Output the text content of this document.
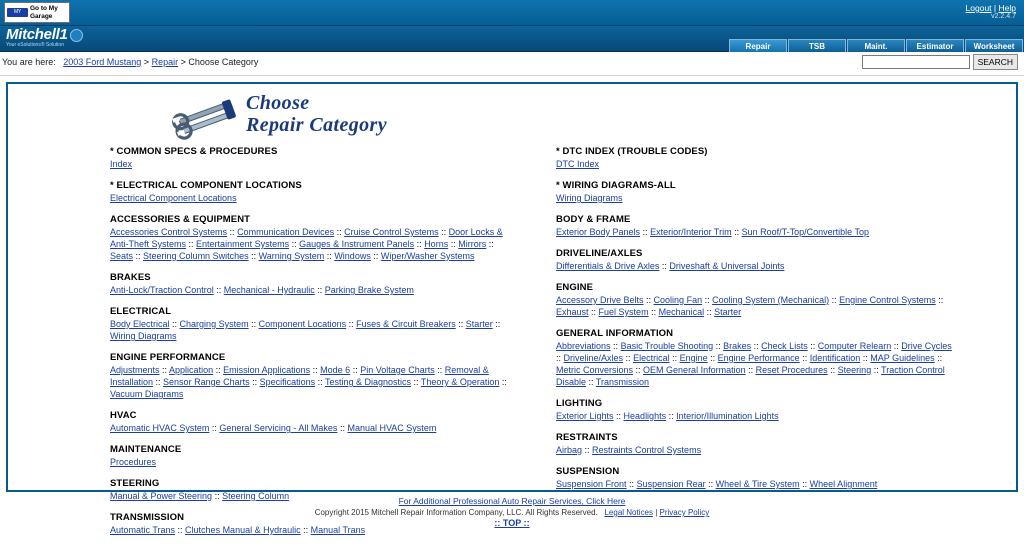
MY CARS
Go to My Garage
Logout | Help
v2.2.4.7
Mitchell1
Your eSolutions® Solution	Repair	TSB	Maint.	Estimator	Worksheet
You are here: 2003 Ford Mustang > Repair > Choose Category	SEARCH
Choose
Repair Category
* COMMON SPECS & PROCEDURES
Index
* ELECTRICAL COMPONENT LOCATIONS
Electrical Component Locations
ACCESSORIES & EQUIPMENT
Accessories Control Systems :: Communication Devices :: Cruise Control Systems :: Door Locks & Anti-Theft Systems :: Entertainment Systems :: Gauges & Instrument Panels :: Horns :: Mirrors :: Seats :: Steering Column Switches :: Warning System :: Windows :: Wiper/Washer Systems
BRAKES
Anti-Lock/Traction Control :: Mechanical - Hydraulic :: Parking Brake System
ELECTRICAL
Body Electrical :: Charging System :: Component Locations :: Fuses & Circuit Breakers :: Starter :: Wiring Diagrams
ENGINE PERFORMANCE
Adjustments :: Application :: Emission Applications :: Mode 6 :: Pin Voltage Charts :: Removal & Installation :: Sensor Range Charts :: Specifications :: Testing & Diagnostics :: Theory & Operation :: Vacuum Diagrams
HVAC
Automatic HVAC System :: General Servicing - All Makes :: Manual HVAC System
MAINTENANCE
Procedures
STEERING
Manual & Power Steering :: Steering Column
TRANSMISSION
Automatic Trans :: Clutches Manual & Hydraulic :: Manual Trans
* DTC INDEX (TROUBLE CODES)
DTC Index
* WIRING DIAGRAMS-ALL
Wiring Diagrams
BODY & FRAME
Exterior Body Panels :: Exterior/Interior Trim :: Sun Roof/T-Top/Convertible Top
DRIVELINE/AXLES
Differentials & Drive Axles :: Driveshaft & Universal Joints
ENGINE
Accessory Drive Belts :: Cooling Fan :: Cooling System (Mechanical) :: Engine Control Systems :: Exhaust :: Fuel System :: Mechanical :: Starter
GENERAL INFORMATION
Abbreviations :: Basic Trouble Shooting :: Brakes :: Check Lists :: Computer Relearn :: Drive Cycles :: Driveline/Axles :: Electrical :: Engine :: Engine Performance :: Identification :: MAP Guidelines :: Metric Conversions :: OEM General Information :: Reset Procedures :: Steering :: Traction Control Disable :: Transmission
LIGHTING
Exterior Lights :: Headlights :: Interior/Illumination Lights
RESTRAINTS
Airbag :: Restraints Control Systems
SUSPENSION
Suspension Front :: Suspension Rear :: Wheel & Tire System :: Wheel Alignment
For Additional Professional Auto Repair Services, Click Here
Copyright 2015 Mitchell Repair Information Company, LLC. All Rights Reserved. Legal Notices | Privacy Policy
:: TOP ::
